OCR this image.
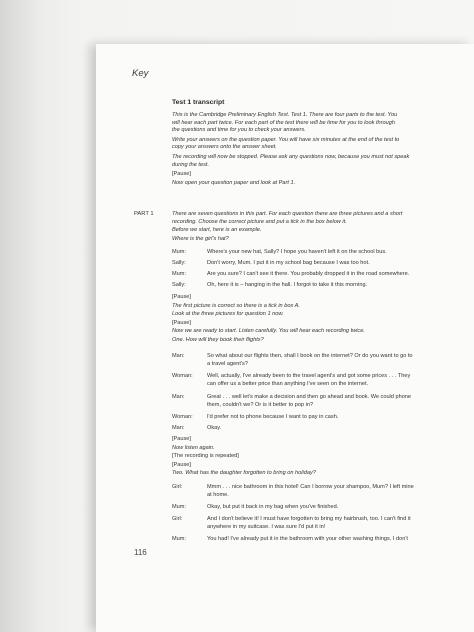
Key
Test 1 transcript
This is the Cambridge Preliminary English Test. Test 1. There are four parts to the test. You
will hear each part twice. For each part of the test there will be time for you to look through
the questions and time for you to check your answers.
Write your answers on the question paper. You will have six minutes at the end of the test to
copy your answers onto the answer sheet.
The recording will now be stopped. Please ask any questions now, because you must not speak
during the test.
[Pause]
Now open your question paper and look at Part 1.
PART 1	There are seven questions in this part. For each question there are three pictures and a short
recording. Choose the correct picture and put a tick in the box below it.
Before we start, here is an example.
Where is the girl's hat?
Mum:	Where's your new hat, Sally? I hope you haven't left it on the school bus.
Sally:	Don't worry, Mum. I put it in my school bag because I was too hot.
Mum:	Are you sure? I can't see it there. You probably dropped it in the road somewhere.
Sally:	Oh, here it is – hanging in the hall. I forgot to take it this morning.
[Pause]
The first picture is correct so there is a tick in box A.
Look at the three pictures for question 1 now.
[Pause]
Now we are ready to start. Listen carefully. You will hear each recording twice.
One. How will they book their flights?
Man:	So what about our flights then, shall I book on the internet? Or do you want to go to
a travel agent's?
Woman:	Well, actually, I've already been to the travel agent's and got some prices . . . They
can offer us a better price than anything I've seen on the internet.
Man:	Great . . . well let's make a decision and then go ahead and book. We could phone
them, couldn't we? Or is it better to pop in?
Woman:	I'd prefer not to phone because I want to pay in cash.
Man:	Okay.
[Pause]
Now listen again.
[The recording is repeated]
[Pause]
Two. What has the daughter forgotten to bring on holiday?
Girl:	Mmm . . . nice bathroom in this hotel! Can I borrow your shampoo, Mum? I left mine
at home.
Mum:	Okay, but put it back in my bag when you've finished.
Girl:	And I don't believe it! I must have forgotten to bring my hairbrush, too. I can't find it
anywhere in my suitcase. I was sure I'd put it in!
Mum:	You had! I've already put it in the bathroom with your other washing things. I don't
116
